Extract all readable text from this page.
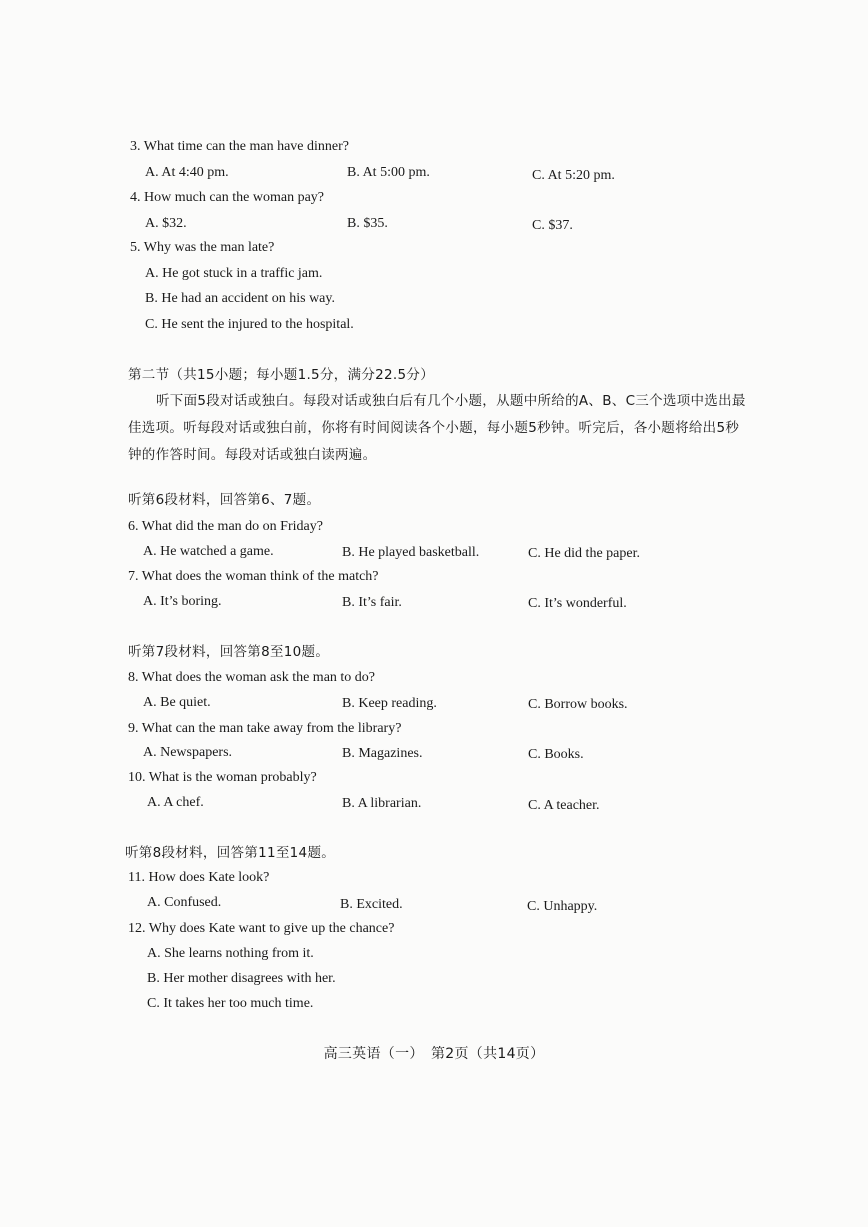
3. What time can the man have dinner?
A. At 4:40 pm.	B. At 5:00 pm.	C. At 5:20 pm.
4. How much can the woman pay?
A. $32.	B. $35.	C. $37.
5. Why was the man late?
A. He got stuck in a traffic jam.
B. He had an accident on his way.
C. He sent the injured to the hospital.
第二节（共15小题；每小题1.5分，满分22.5分）
听下面5段对话或独白。每段对话或独白后有几个小题，从题中所给的A、B、C三个选项中选出最佳选项。听每段对话或独白前，你将有时间阅读各个小题，每小题5秒钟。听完后，各小题将给出5秒钟的作答时间。每段对话或独白读两遍。
听第6段材料，回答第6、7题。
6. What did the man do on Friday?
A. He watched a game.	B. He played basketball.	C. He did the paper.
7. What does the woman think of the match?
A. It’s boring.	B. It’s fair.	C. It’s wonderful.
听第7段材料，回答第8至10题。
8. What does the woman ask the man to do?
A. Be quiet.	B. Keep reading.	C. Borrow books.
9. What can the man take away from the library?
A. Newspapers.	B. Magazines.	C. Books.
10. What is the woman probably?
A. A chef.	B. A librarian.	C. A teacher.
听第8段材料，回答第11至14题。
11. How does Kate look?
A. Confused.	B. Excited.	C. Unhappy.
12. Why does Kate want to give up the chance?
A. She learns nothing from it.
B. Her mother disagrees with her.
C. It takes her too much time.
高三英语（一）　第2页（共14页）
